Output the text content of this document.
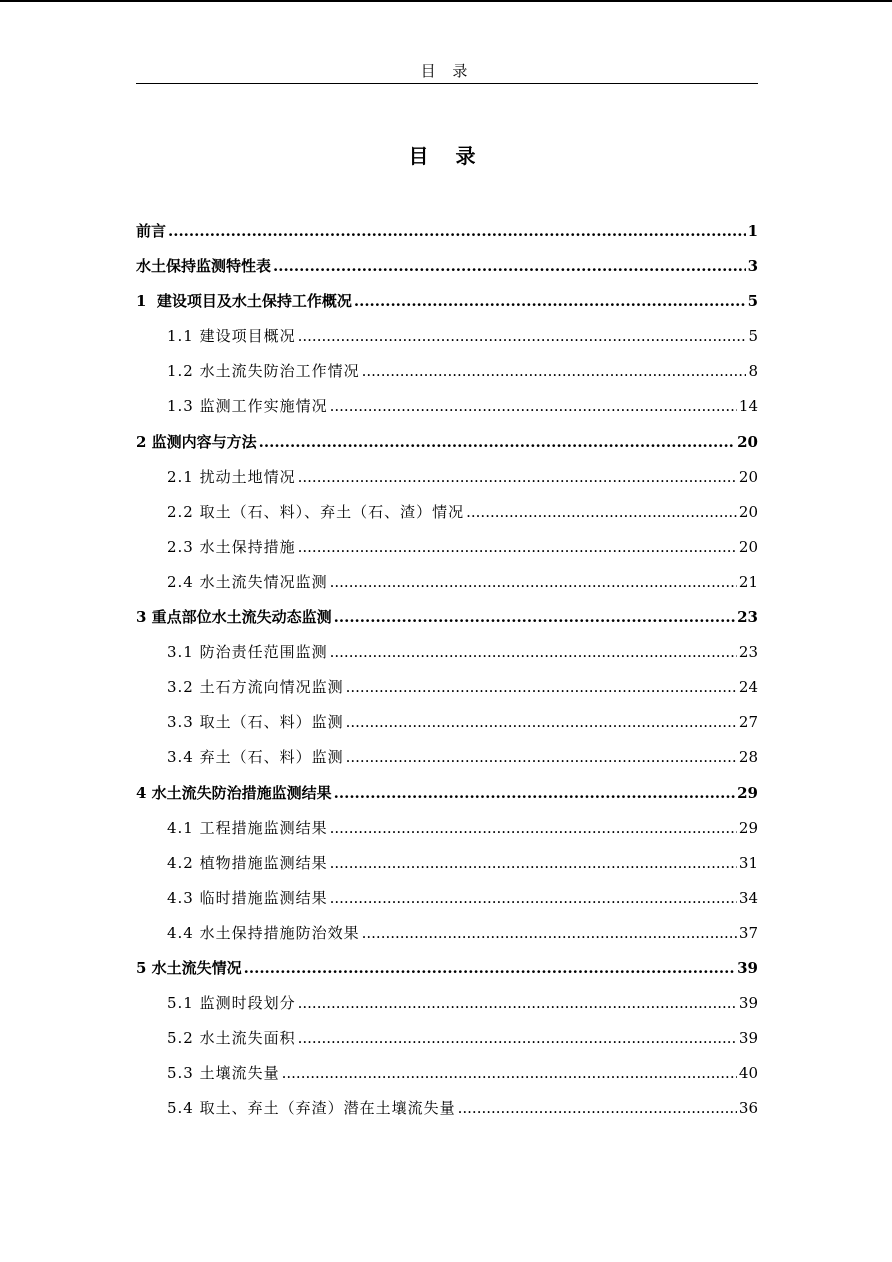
目 录
目 录
前言 .....	1
水土保持监测特性表 .....	3
1  建设项目及水土保持工作概况 .....	5
1.1 建设项目概况 .....	5
1.2 水土流失防治工作情况 .....	8
1.3 监测工作实施情况 .....	14
2 监测内容与方法 .....	20
2.1 扰动土地情况 .....	20
2.2 取土（石、料）、弃土（石、渣）情况 .....	20
2.3 水土保持措施 .....	20
2.4 水土流失情况监测 .....	21
3 重点部位水土流失动态监测 .....	23
3.1 防治责任范围监测 .....	23
3.2 土石方流向情况监测 .....	24
3.3 取土（石、料）监测 .....	27
3.4 弃土（石、料）监测 .....	28
4 水土流失防治措施监测结果 .....	29
4.1 工程措施监测结果 .....	29
4.2 植物措施监测结果 .....	31
4.3 临时措施监测结果 .....	34
4.4 水土保持措施防治效果 .....	37
5 水土流失情况 .....	39
5.1 监测时段划分 .....	39
5.2 水土流失面积 .....	39
5.3 土壤流失量 .....	40
5.4 取土、弃土（弃渣）潜在土壤流失量 .....	36
